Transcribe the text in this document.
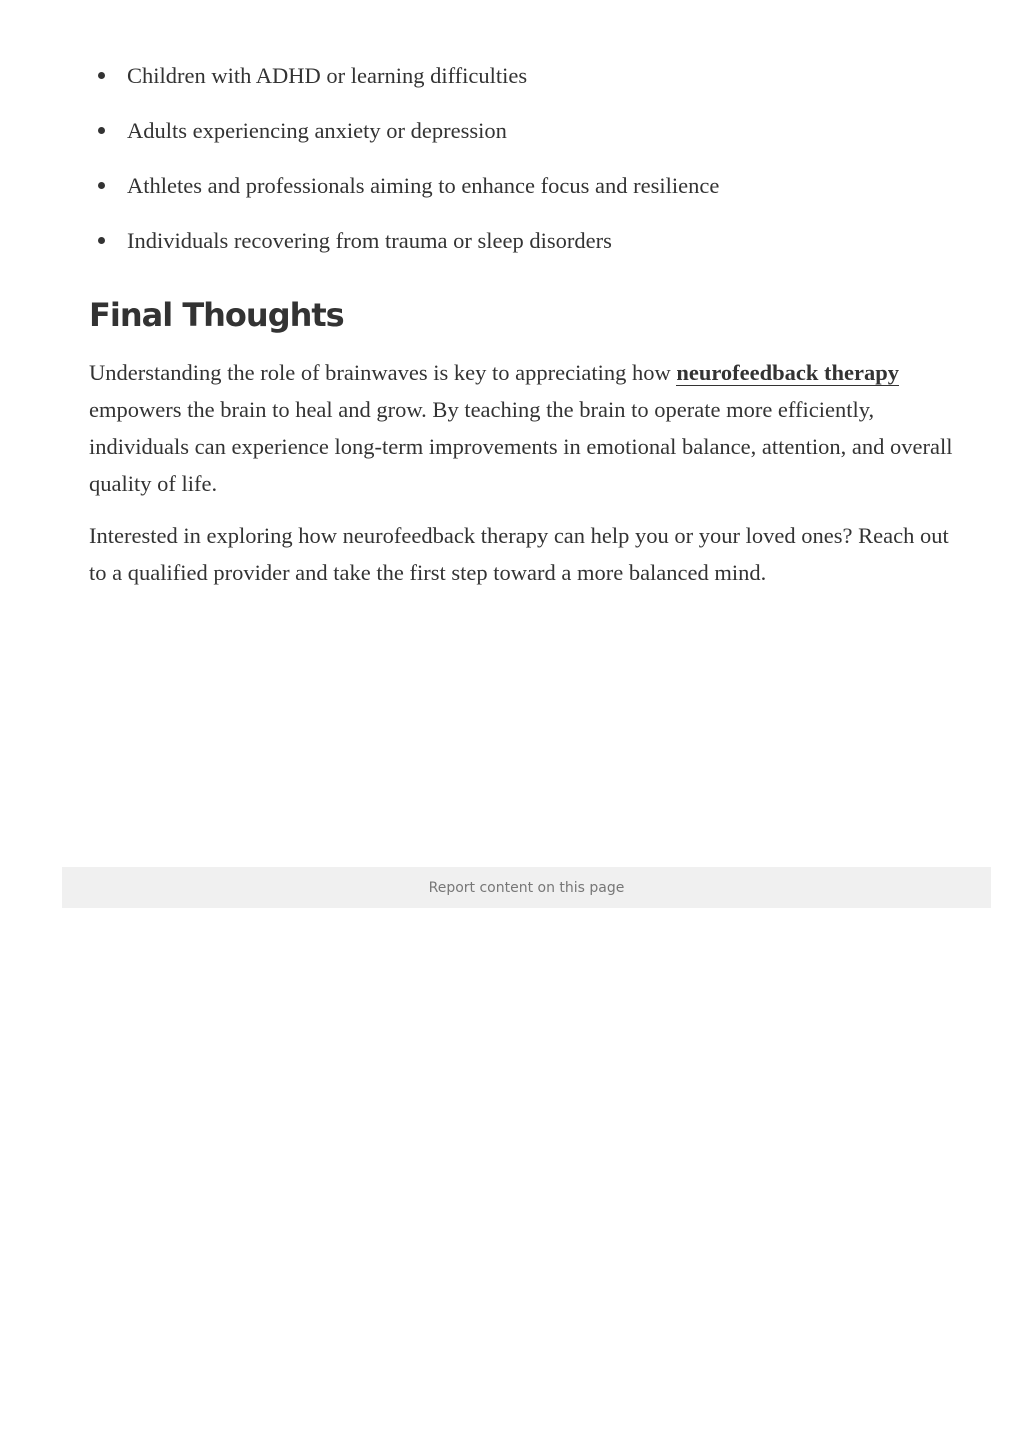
Children with ADHD or learning difficulties
Adults experiencing anxiety or depression
Athletes and professionals aiming to enhance focus and resilience
Individuals recovering from trauma or sleep disorders
Final Thoughts

Understanding the role of brainwaves is key to appreciating how neurofeedback therapy empowers the brain to heal and grow. By teaching the brain to operate more efficiently, individuals can experience long-term improvements in emotional balance, attention, and overall quality of life.

Interested in exploring how neurofeedback therapy can help you or your loved ones? Reach out to a qualified provider and take the first step toward a more balanced mind.

Report content on this page
